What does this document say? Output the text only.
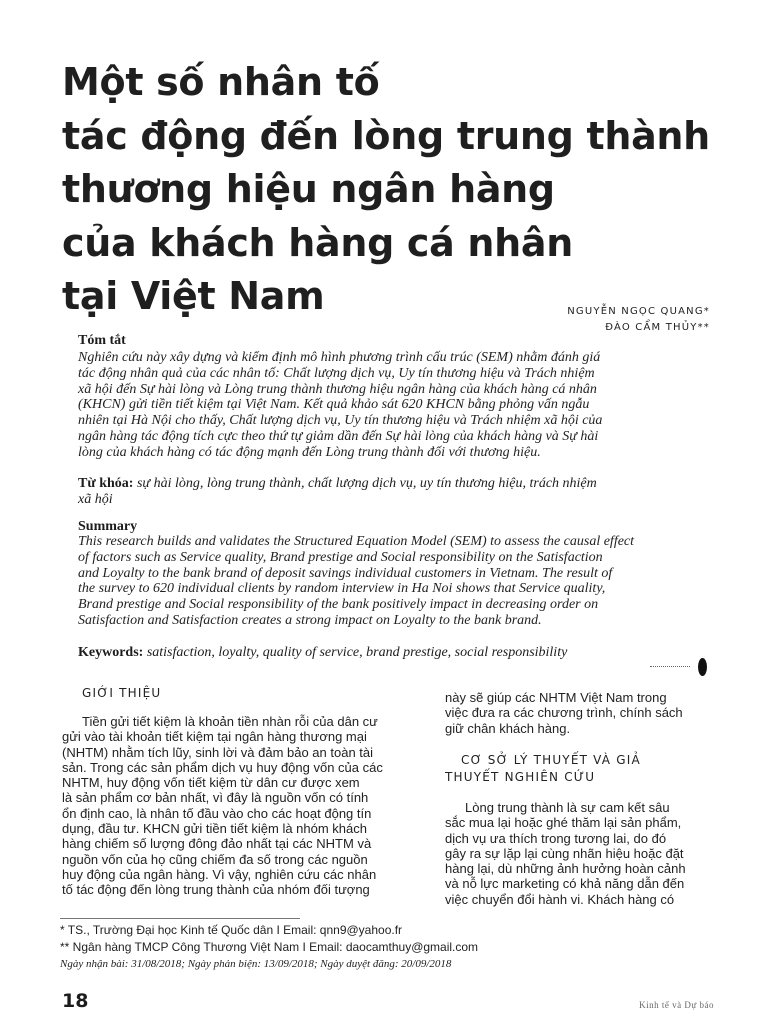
Một số nhân tố
tác động đến lòng trung thành
thương hiệu ngân hàng
của khách hàng cá nhân
tại Việt Nam	NGUYỄN NGỌC QUANG*
ĐÀO CẨM THỦY**
Tóm tắt
Nghiên cứu này xây dựng và kiểm định mô hình phương trình cấu trúc (SEM) nhằm đánh giá
tác động nhân quả của các nhân tố: Chất lượng dịch vụ, Uy tín thương hiệu và Trách nhiệm
xã hội đến Sự hài lòng và Lòng trung thành thương hiệu ngân hàng của khách hàng cá nhân
(KHCN) gửi tiền tiết kiệm tại Việt Nam. Kết quả khảo sát 620 KHCN bằng phỏng vấn ngẫu
nhiên tại Hà Nội cho thấy, Chất lượng dịch vụ, Uy tín thương hiệu và Trách nhiệm xã hội của
ngân hàng tác động tích cực theo thứ tự giảm dần đến Sự hài lòng của khách hàng và Sự hài
lòng của khách hàng có tác động mạnh đến Lòng trung thành đối với thương hiệu.
Từ khóa: sự hài lòng, lòng trung thành, chất lượng dịch vụ, uy tín thương hiệu, trách nhiệm
xã hội
Summary
This research builds and validates the Structured Equation Model (SEM) to assess the causal effect
of factors such as Service quality, Brand prestige and Social responsibility on the Satisfaction
and Loyalty to the bank brand of deposit savings individual customers in Vietnam. The result of
the survey to 620 individual clients by random interview in Ha Noi shows that Service quality,
Brand prestige and Social responsibility of the bank positively impact in decreasing order on
Satisfaction and Satisfaction creates a strong impact on Loyalty to the bank brand.
Keywords: satisfaction, loyalty, quality of service, brand prestige, social responsibility
GIỚI THIỆU
Tiền gửi tiết kiệm là khoản tiền nhàn rỗi của dân cư
gửi vào tài khoản tiết kiệm tại ngân hàng thương mại
(NHTM) nhằm tích lũy, sinh lời và đảm bảo an toàn tài
sản. Trong các sản phẩm dịch vụ huy động vốn của các
NHTM, huy động vốn tiết kiệm từ dân cư được xem
là sản phẩm cơ bản nhất, vì đây là nguồn vốn có tính
ổn định cao, là nhân tố đầu vào cho các hoạt động tín
dụng, đầu tư. KHCN gửi tiền tiết kiệm là nhóm khách
hàng chiếm số lượng đông đảo nhất tại các NHTM và
nguồn vốn của họ cũng chiếm đa số trong các nguồn
huy động của ngân hàng. Vì vậy, nghiên cứu các nhân
tố tác động đến lòng trung thành của nhóm đối tượng
này sẽ giúp các NHTM Việt Nam trong
việc đưa ra các chương trình, chính sách
giữ chân khách hàng.
CƠ SỞ LÝ THUYẾT VÀ GIẢ
THUYẾT NGHIÊN CỨU
Lòng trung thành là sự cam kết sâu
sắc mua lại hoặc ghé thăm lại sản phẩm,
dịch vụ ưa thích trong tương lai, do đó
gây ra sự lặp lại cùng nhãn hiệu hoặc đặt
hàng lại, dù những ảnh hưởng hoàn cảnh
và nỗ lực marketing có khả năng dẫn đến
việc chuyển đổi hành vi. Khách hàng có
* TS., Trường Đại học Kinh tế Quốc dân I Email: qnn9@yahoo.fr
** Ngân hàng TMCP Công Thương Việt Nam I Email: daocamthuy@gmail.com
Ngày nhận bài: 31/08/2018; Ngày phản biện: 13/09/2018; Ngày duyệt đăng: 20/09/2018
18	Kinh tế và Dự báo
